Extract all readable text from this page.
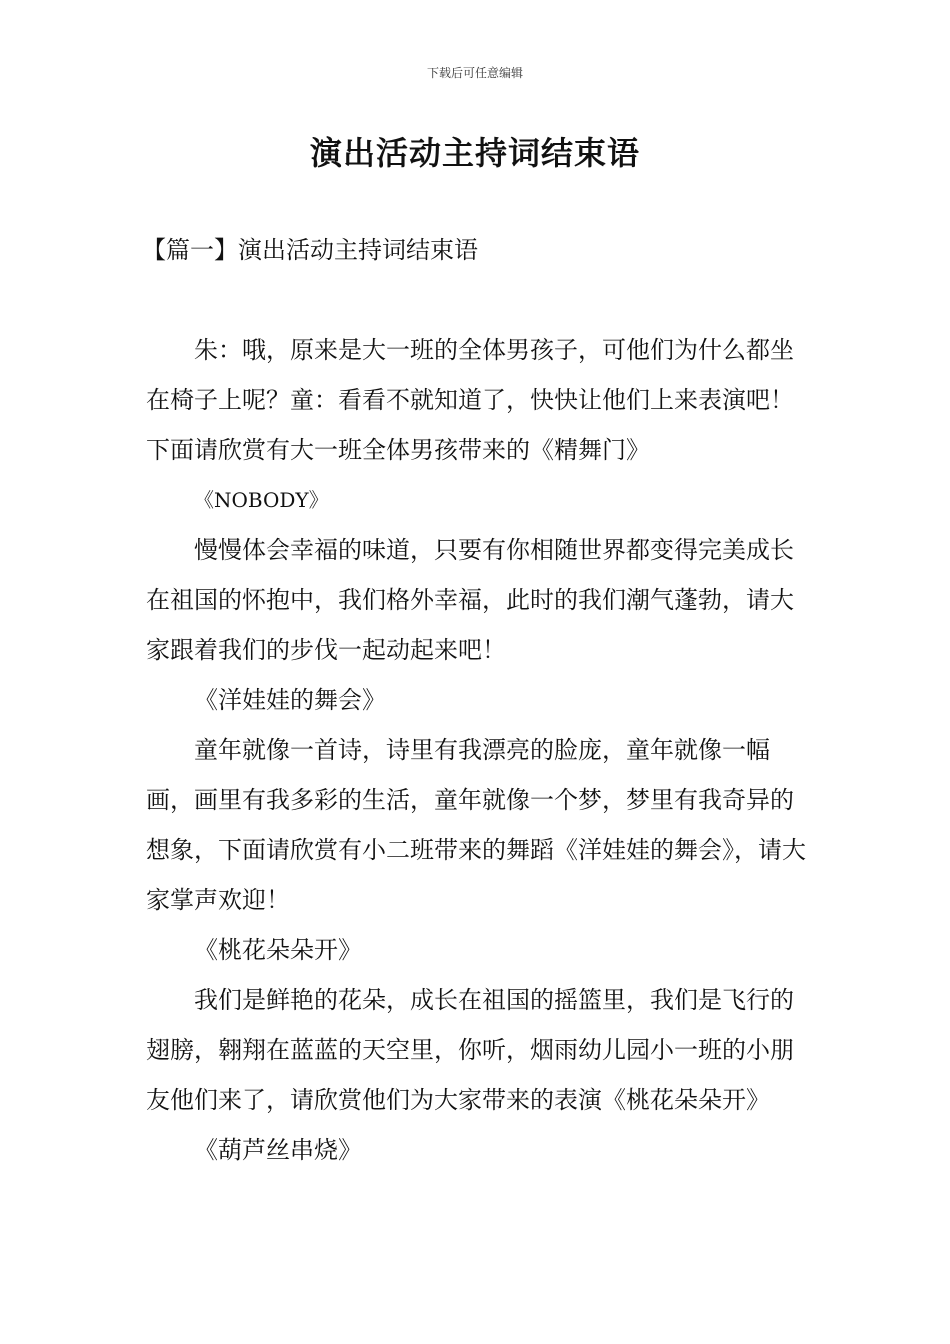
下载后可任意编辑
演出活动主持词结束语
【篇一】演出活动主持词结束语

朱：哦，原来是大一班的全体男孩子，可他们为什么都坐在椅子上呢？童：看看不就知道了，快快让他们上来表演吧！下面请欣赏有大一班全体男孩带来的《精舞门》

《NOBODY》

慢慢体会幸福的味道，只要有你相随世界都变得完美成长在祖国的怀抱中，我们格外幸福，此时的我们潮气蓬勃，请大家跟着我们的步伐一起动起来吧！

《洋娃娃的舞会》

童年就像一首诗，诗里有我漂亮的脸庞，童年就像一幅画，画里有我多彩的生活，童年就像一个梦，梦里有我奇异的想象，下面请欣赏有小二班带来的舞蹈《洋娃娃的舞会》，请大家掌声欢迎！

《桃花朵朵开》

我们是鲜艳的花朵，成长在祖国的摇篮里，我们是飞行的翅膀，翱翔在蓝蓝的天空里，你听，烟雨幼儿园小一班的小朋友他们来了，请欣赏他们为大家带来的表演《桃花朵朵开》

《葫芦丝串烧》
